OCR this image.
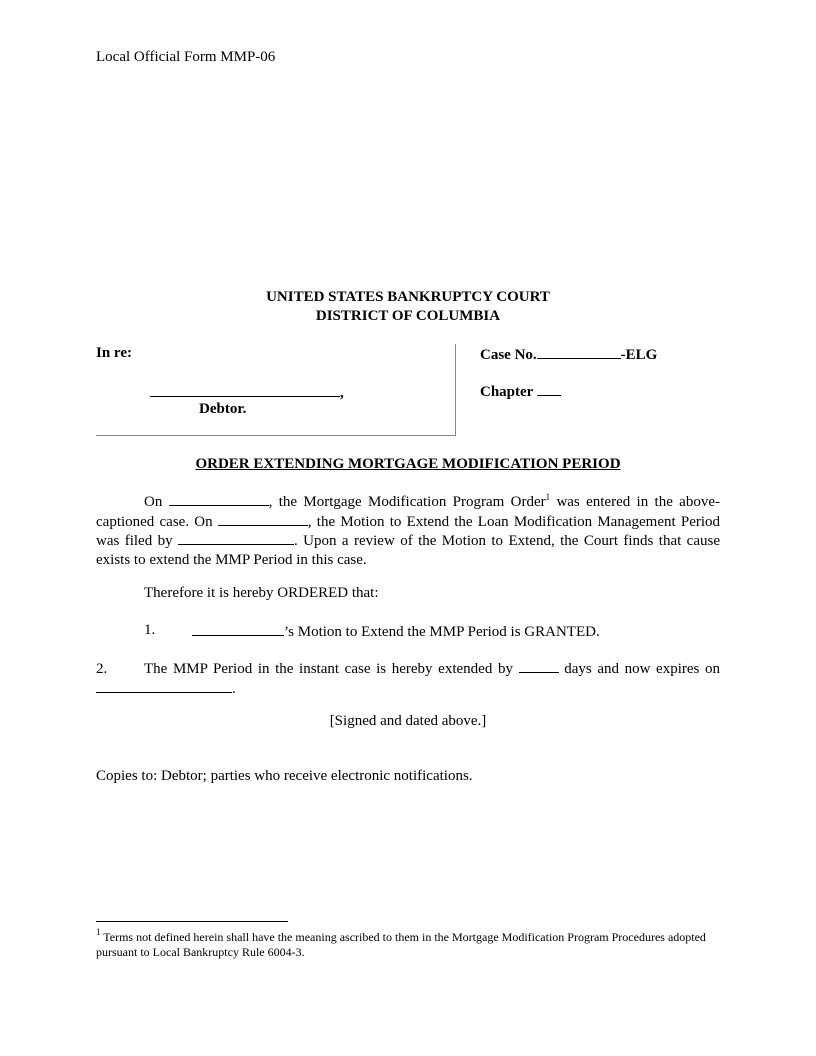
Local Official Form MMP-06
UNITED STATES BANKRUPTCY COURT
DISTRICT OF COLUMBIA
In re:
,
Debtor.
Case No.	-ELG
Chapter
ORDER EXTENDING MORTGAGE MODIFICATION PERIOD
On	, the Mortgage Modification Program Order$^1$ was entered in the above-captioned case. On	, the Motion to Extend the Loan Modification Management Period was filed by	. Upon a review of the Motion to Extend, the Court finds that cause exists to extend the MMP Period in this case.
Therefore it is hereby ORDERED that:
1.	’s Motion to Extend the MMP Period is GRANTED.
2. The MMP Period in the instant case is hereby extended by	days and now expires on .
[Signed and dated above.]
Copies to: Debtor; parties who receive electronic notifications.
$^1$ Terms not defined herein shall have the meaning ascribed to them in the Mortgage Modification Program Procedures adopted pursuant to Local Bankruptcy Rule 6004-3.
